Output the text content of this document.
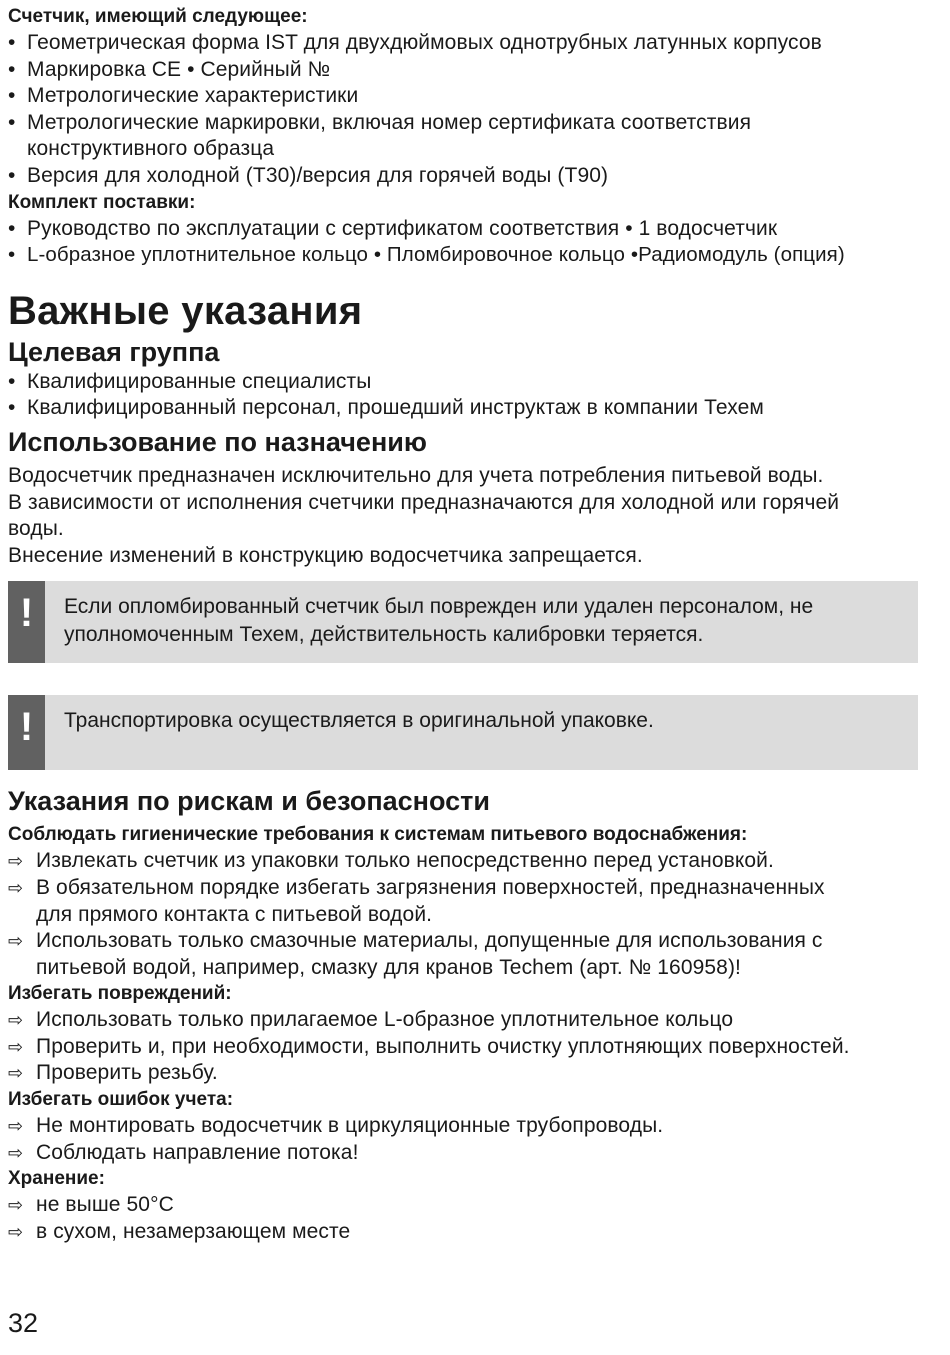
Счетчик, имеющий следующее:
• Геометрическая форма IST для двухдюймовых однотрубных латунных корпусов
• Маркировка CE • Серийный №
• Метрологические характеристики
• Метрологические маркировки, включая номер сертификата соответствия
конструктивного образца
• Версия для холодной (T30)/версия для горячей воды (T90)
Комплект поставки:
• Руководство по эксплуатации с сертификатом соответствия • 1 водосчетчик
• L-образное уплотнительное кольцо • Пломбировочное кольцо •Радиомодуль (опция)
Важные указания
Целевая группа
• Квалифицированные специалисты
• Квалифицированный персонал, прошедший инструктаж в компании Техем
Использование по назначению
Водосчетчик предназначен исключительно для учета потребления питьевой воды.
В зависимости от исполнения счетчики предназначаются для холодной или горячей
воды.
Внесение изменений в конструкцию водосчетчика запрещается.
!	Если опломбированный счетчик был поврежден или удален персоналом, не
уполномоченным Техем, действительность калибровки теряется.
!	Транспортировка осуществляется в оригинальной упаковке.
Указания по рискам и безопасности
Соблюдать гигиенические требования к системам питьевого водоснабжения:
⇨ Извлекать счетчик из упаковки только непосредственно перед установкой.
⇨ В обязательном порядке избегать загрязнения поверхностей, предназначенных
для прямого контакта с питьевой водой.
⇨ Использовать только смазочные материалы, допущенные для использования с
питьевой водой, например, смазку для кранов Techem (арт. № 160958)!
Избегать повреждений:
⇨ Использовать только прилагаемое L-образное уплотнительное кольцо
⇨ Проверить и, при необходимости, выполнить очистку уплотняющих поверхностей.
⇨ Проверить резьбу.
Избегать ошибок учета:
⇨ Не монтировать водосчетчик в циркуляционные трубопроводы.
⇨ Соблюдать направление потока!
Хранение:
⇨ не выше 50°C
⇨ в сухом, незамерзающем месте
32
